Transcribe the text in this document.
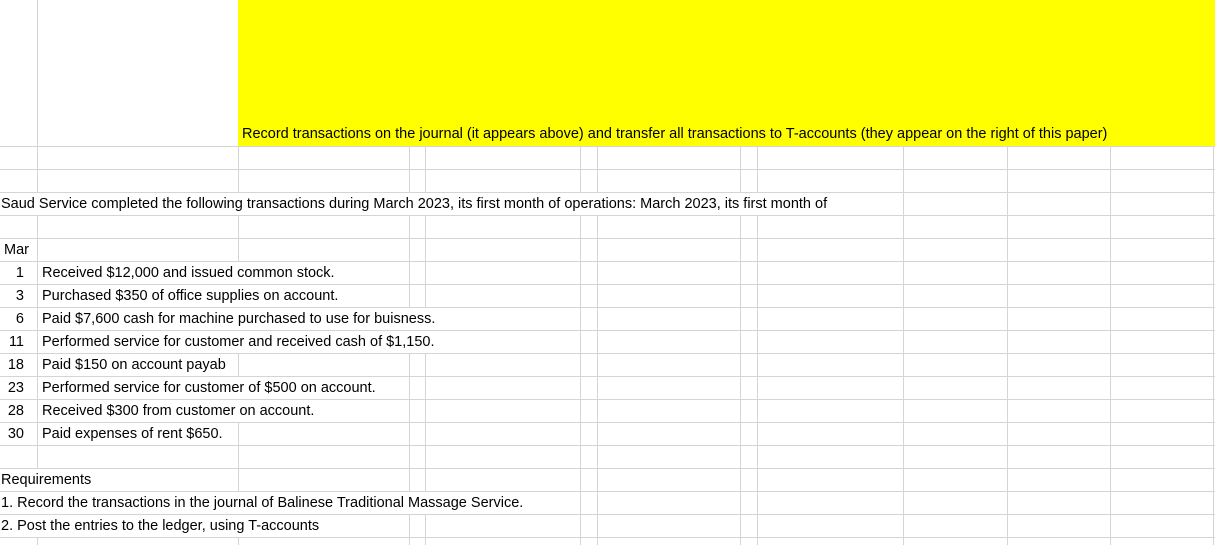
Record transactions on the journal (it appears above) and transfer all transactions to T-accounts (they appear on the right of this paper)
Saud Service completed the following transactions during March 2023, its first month of operations: March 2023, its first month of
Mar
1 Received $12,000 and issued common stock.
3 Purchased $350 of office supplies on account.
6 Paid $7,600 cash for machine purchased to use for buisness.
11 Performed service for customer and received cash of $1,150.
18 Paid $150 on account payab
23 Performed service for customer of $500 on account.
28 Received $300 from customer on account.
30 Paid expenses of rent $650.
Requirements
1. Record the transactions in the journal of Balinese Traditional Massage Service.
2. Post the entries to the ledger, using T-accounts
